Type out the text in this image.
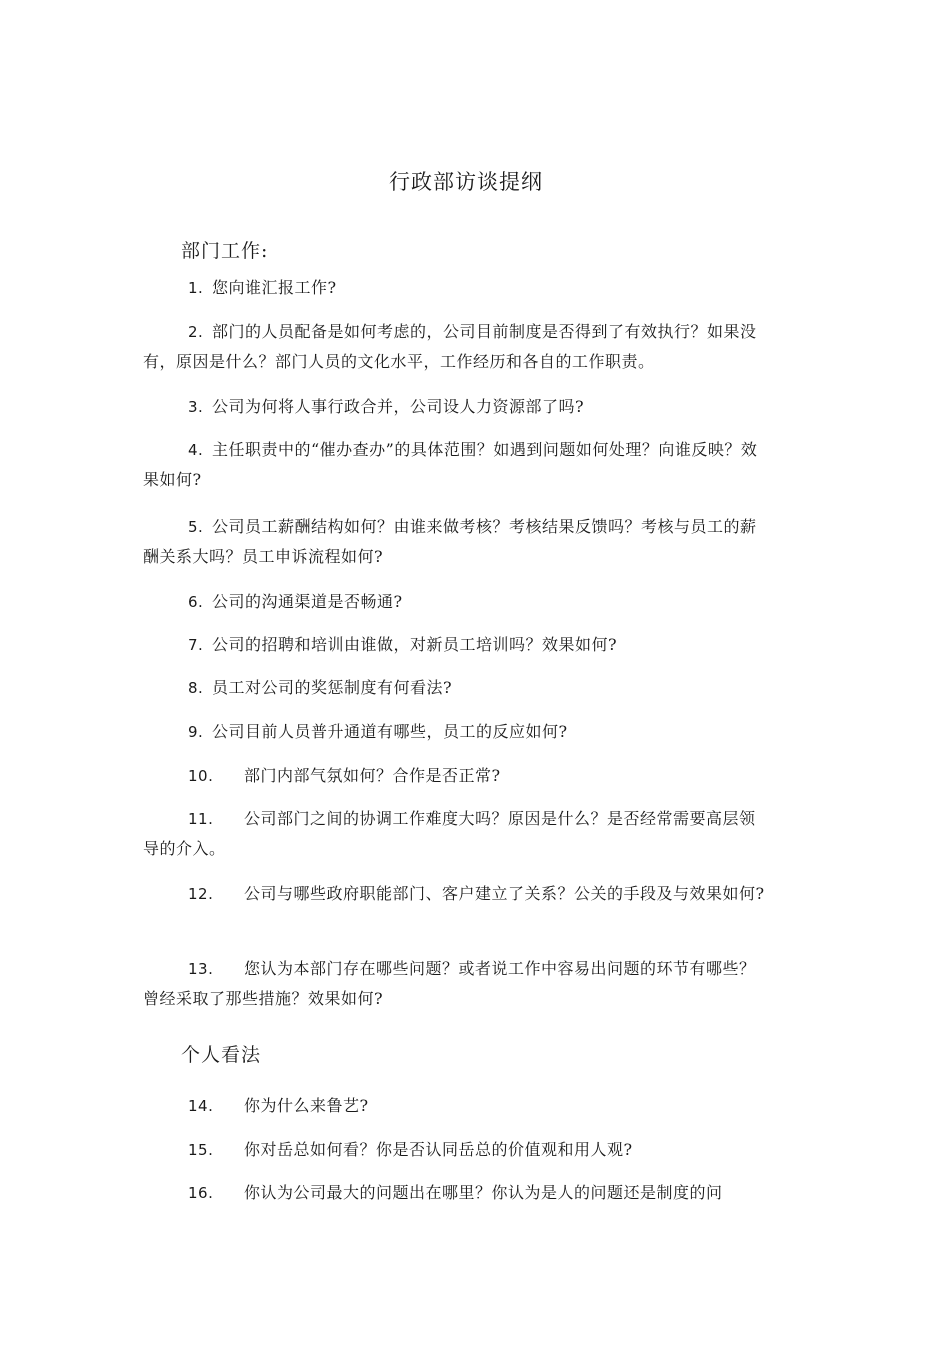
行政部访谈提纲
部门工作:
1. 您向谁汇报工作?
2. 部门的人员配备是如何考虑的，公司目前制度是否得到了有效执行？如果没有，原因是什么？部门人员的文化水平，工作经历和各自的工作职责。
3. 公司为何将人事行政合并，公司设人力资源部了吗?
4. 主任职责中的“催办查办”的具体范围？如遇到问题如何处理？向谁反映？效果如何?
5. 公司员工薪酬结构如何？由谁来做考核？考核结果反馈吗？考核与员工的薪酬关系大吗？员工申诉流程如何?
6. 公司的沟通渠道是否畅通?
7. 公司的招聘和培训由谁做，对新员工培训吗？效果如何?
8. 员工对公司的奖惩制度有何看法?
9. 公司目前人员普升通道有哪些，员工的反应如何?
10. 部门内部气氛如何？合作是否正常?
11. 公司部门之间的协调工作难度大吗？原因是什么？是否经常需要高层领导的介入。
12. 公司与哪些政府职能部门、客户建立了关系？公关的手段及与效果如何?
13. 您认为本部门存在哪些问题？或者说工作中容易出问题的环节有哪些？曾经采取了那些措施？效果如何?
个人看法
14. 你为什么来鲁艺?
15. 你对岳总如何看？你是否认同岳总的价值观和用人观?
16. 你认为公司最大的问题出在哪里？你认为是人的问题还是制度的问
